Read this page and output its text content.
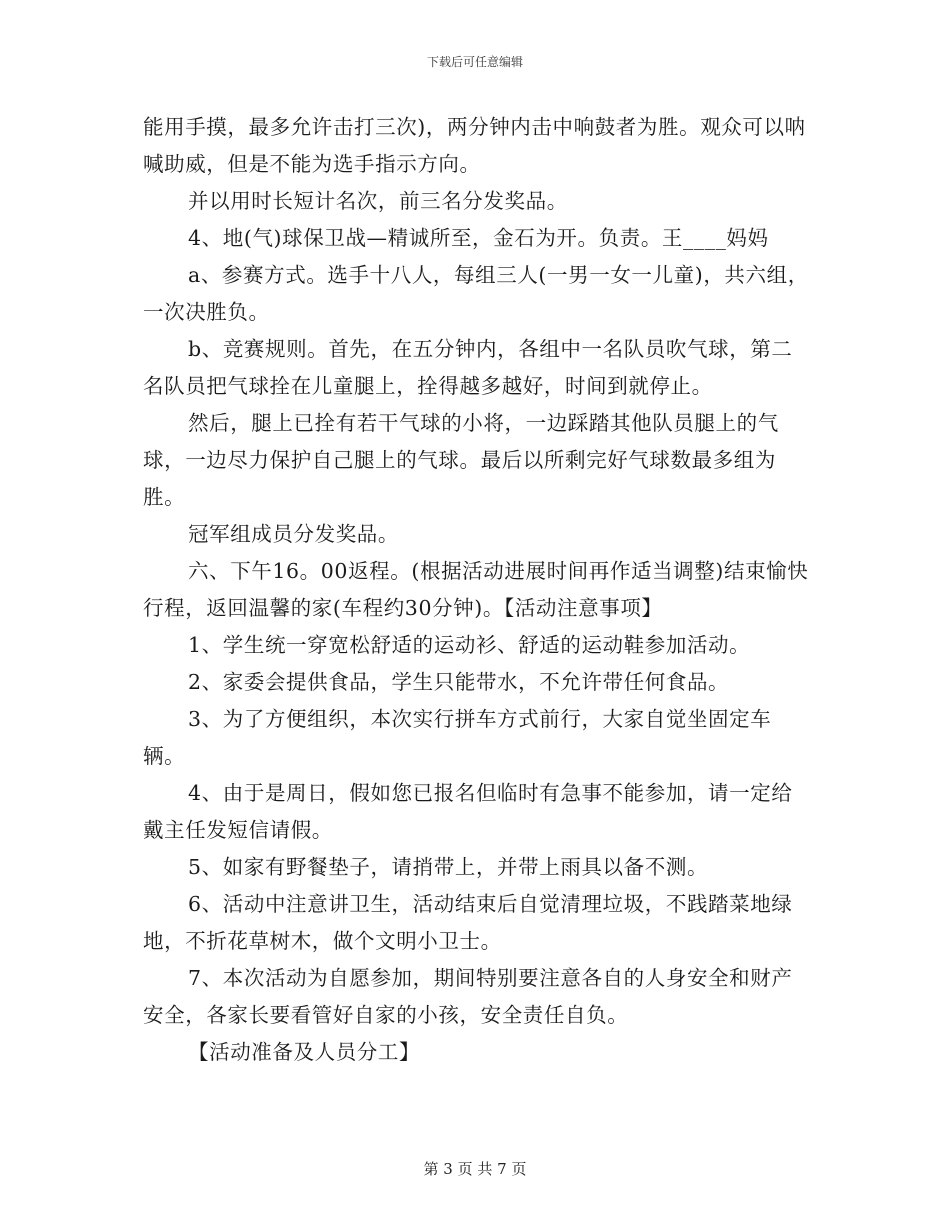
下载后可任意编辑

能用手摸，最多允许击打三次)，两分钟内击中响鼓者为胜。观众可以呐喊助威，但是不能为选手指示方向。

并以用时长短计名次，前三名分发奖品。

4、地(气)球保卫战—精诚所至，金石为开。负责。王____妈妈

a、参赛方式。选手十八人，每组三人(一男一女一儿童)，共六组，一次决胜负。

b、竞赛规则。首先，在五分钟内，各组中一名队员吹气球，第二名队员把气球拴在儿童腿上，拴得越多越好，时间到就停止。

然后，腿上已拴有若干气球的小将，一边踩踏其他队员腿上的气球，一边尽力保护自己腿上的气球。最后以所剩完好气球数最多组为胜。

冠军组成员分发奖品。

六、下午16。00返程。(根据活动进展时间再作适当调整)结束愉快行程，返回温馨的家(车程约30分钟)。【活动注意事项】

1、学生统一穿宽松舒适的运动衫、舒适的运动鞋参加活动。

2、家委会提供食品，学生只能带水，不允许带任何食品。

3、为了方便组织，本次实行拼车方式前行，大家自觉坐固定车辆。

4、由于是周日，假如您已报名但临时有急事不能参加，请一定给戴主任发短信请假。

5、如家有野餐垫子，请捎带上，并带上雨具以备不测。

6、活动中注意讲卫生，活动结束后自觉清理垃圾，不践踏菜地绿地，不折花草树木，做个文明小卫士。

7、本次活动为自愿参加，期间特别要注意各自的人身安全和财产安全，各家长要看管好自家的小孩，安全责任自负。

【活动准备及人员分工】

第 3 页 共 7 页
